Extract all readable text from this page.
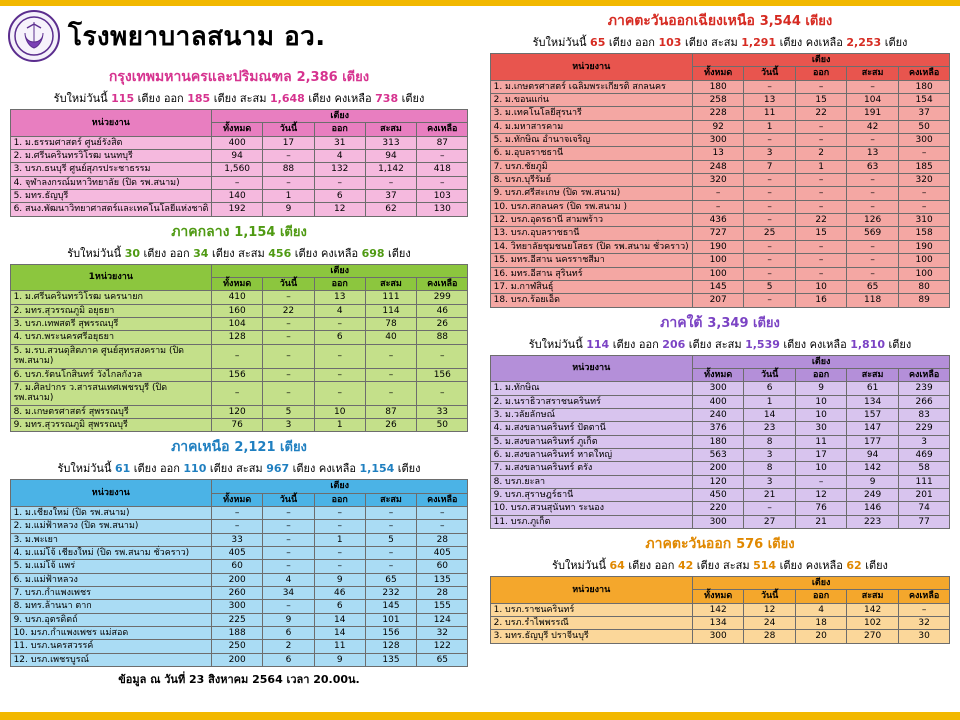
โรงพยาบาลสนาม อว.
กรุงเทพมหานครและปริมณฑล 2,386 เตียง
รับใหม่วันนี้ 115 เตียง ออก 185 เตียง สะสม 1,648 เตียง คงเหลือ 738 เตียง
หน่วยงาน	เตียง				
	ทั้งหมด	วันนี้	ออก	สะสม	คงเหลือ
1. ม.ธรรมศาสตร์ ศูนย์รังสิต	400	17	31	313	87
2. ม.ศรีนครินทรวิโรฒ นนทบุรี	94	–	4	94	–
3. บรภ.ธนบุรี ศูนย์สุภรประชาธรรม	1,560	88	132	1,142	418
4. จุฬาลงกรณ์มหาวิทยาลัย (ปิด รพ.สนาม)	–	–	–	–	–
5. มทร.ธัญบุรี	140	1	6	37	103
6. สนง.พัฒนาวิทยาศาสตร์และเทคโนโลยีแห่งชาติ	192	9	12	62	130
ภาคกลาง 1,154 เตียง
รับใหม่วันนี้ 30 เตียง ออก 34 เตียง สะสม 456 เตียง คงเหลือ 698 เตียง
1หน่วยงาน	เตียง				
	ทั้งหมด	วันนี้	ออก	สะสม	คงเหลือ
1. ม.ศรีนครินทรวิโรฒ นครนายก	410	–	13	111	299
2. มทร.สุวรรณภูมิ อยุธยา	160	22	4	114	46
3. บรภ.เทพสตรี สุพรรณบุรี	104	–	–	78	26
4. บรภ.พระนครศรีอยุธยา	128	–	6	40	88
5. ม.รบ.สวนดุสิตภาค ศูนย์สุทรสงคราม (ปิด รพ.สนาม)	–	–	–	–	–
6. บรภ.รัตนโกสินทร์ วังไกลกังวล	156	–	–	–	156
7. ม.ศิลปากร ว.สารสนเทศเพชรบุรี (ปิด รพ.สนาม)	–	–	–	–	–
8. ม.เกษตรศาสตร์ สุพรรณบุรี	120	5	10	87	33
9. มทร.สุวรรณภูมิ สุพรรณบุรี	76	3	1	26	50
ภาคเหนือ 2,121 เตียง
รับใหม่วันนี้ 61 เตียง ออก 110 เตียง สะสม 967 เตียง คงเหลือ 1,154 เตียง
หน่วยงาน	เตียง				
	ทั้งหมด	วันนี้	ออก	สะสม	คงเหลือ
1. ม.เชียงใหม่ (ปิด รพ.สนาม)	–	–	–	–	–
2. ม.แม่ฟ้าหลวง (ปิด รพ.สนาม)	–	–	–	–	–
3. ม.พะเยา	33	–	1	5	28
4. ม.แม่โจ้ เชียงใหม่ (ปิด รพ.สนาม ชั่วคราว)	405	–	–	–	405
5. ม.แม่โจ้ แพร่	60	–	–	–	60
6. ม.แม่ฟ้าหลวง	200	4	9	65	135
7. บรภ.กำแพงเพชร	260	34	46	232	28
8. มทร.ล้านนา ตาก	300	–	6	145	155
9. บรภ.อุตรดิตถ์	225	9	14	101	124
10. มรภ.กำแพงเพชร แม่สอด	188	6	14	156	32
11. บรภ.นครสวรรค์	250	2	11	128	122
12. บรภ.เพชรบูรณ์	200	6	9	135	65
ข้อมูล ณ วันที่ 23 สิงหาคม 2564 เวลา 20.00น.
ภาคตะวันออกเฉียงเหนือ 3,544 เตียง
รับใหม่วันนี้ 65 เตียง ออก 103 เตียง สะสม 1,291 เตียง คงเหลือ 2,253 เตียง
หน่วยงาน	เตียง				
	ทั้งหมด	วันนี้	ออก	สะสม	คงเหลือ
1. ม.เกษตรศาสตร์ เฉลิมพระเกียรติ สกลนคร	180	–	–	–	180
2. ม.ขอนแก่น	258	13	15	104	154
3. ม.เทคโนโลยีสุรนารี	228	11	22	191	37
4. ม.มหาสารคาม	92	1	–	42	50
5. ม.ทักษิณ อำนาจเจริญ	300	–	–	–	300
6. ม.อุบลราชธานี	13	3	2	13	–
7. บรภ.ชัยภูมิ	248	7	1	63	185
8. บรภ.บุรีรัมย์	320	–	–	–	320
9. บรภ.ศรีสะเกษ (ปิด รพ.สนาม)	–	–	–	–	–
10. บรภ.สกลนคร (ปิด รพ.สนาม )	–	–	–	–	–
12. บรภ.อุดรธานี สามพร้าว	436	–	22	126	310
13. บรภ.อุบลราชธานี	727	25	15	569	158
14. วิทยาลัยชุมชนยโสธร (ปิด รพ.สนาม ชั่วคราว)	190	–	–	–	190
15. มทร.อีสาน นครราชสีมา	100	–	–	–	100
16. มทร.อีสาน สุรินทร์	100	–	–	–	100
17. ม.กาฬสินธุ์	145	5	10	65	80
18. บรภ.ร้อยเอ็ด	207	–	16	118	89
ภาคใต้ 3,349 เตียง
รับใหม่วันนี้ 114 เตียง ออก 206 เตียง สะสม 1,539 เตียง คงเหลือ 1,810 เตียง
หน่วยงาน	เตียง				
	ทั้งหมด	วันนี้	ออก	สะสม	คงเหลือ
1. ม.ทักษิณ	300	6	9	61	239
2. ม.นราธิวาสราชนครินทร์	400	1	10	134	266
3. ม.วลัยลักษณ์	240	14	10	157	83
4. ม.สงขลานครินทร์ ปัตตานี	376	23	30	147	229
5. ม.สงขลานครินทร์ ภูเก็ต	180	8	11	177	3
6. ม.สงขลานครินทร์ หาดใหญ่	563	3	17	94	469
7. ม.สงขลานครินทร์ ตรัง	200	8	10	142	58
8. บรภ.ยะลา	120	3	–	9	111
9. บรภ.สุราษฎร์ธานี	450	21	12	249	201
10. บรภ.สวนสุนันทา ระนอง	220	–	76	146	74
11. บรภ.ภูเก็ต	300	27	21	223	77
ภาคตะวันออก 576 เตียง
รับใหม่วันนี้ 64 เตียง ออก 42 เตียง สะสม 514 เตียง คงเหลือ 62 เตียง
หน่วยงาน	เตียง				
	ทั้งหมด	วันนี้	ออก	สะสม	คงเหลือ
1. บรภ.ราชนครินทร์	142	12	4	142	–
2. บรภ.รำไพพรรณี	134	24	18	102	32
3. มทร.ธัญบุรี ปราจีนบุรี	300	28	20	270	30
